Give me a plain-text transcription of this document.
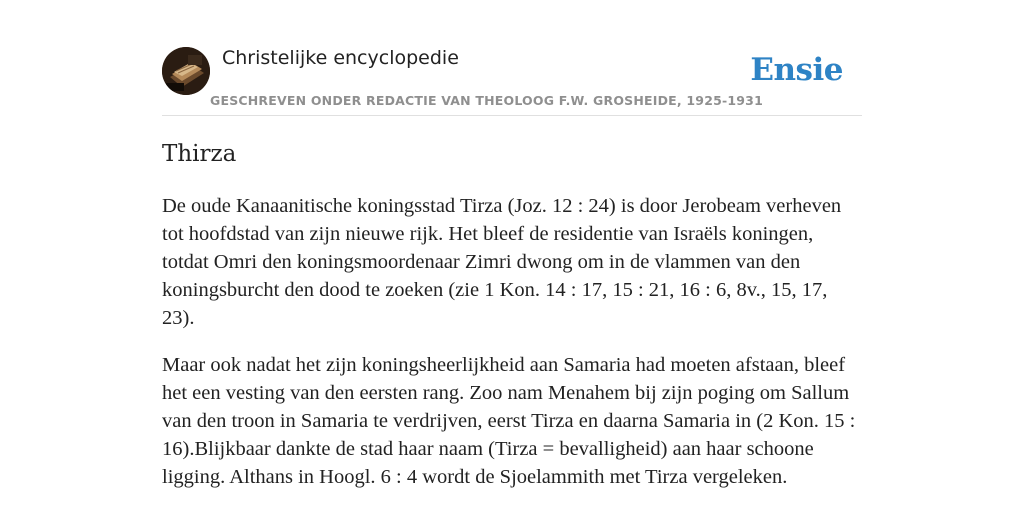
Christelijke encyclopedie
GESCHREVEN ONDER REDACTIE VAN THEOLOOG F.W. GROSHEIDE, 1925-1931
Ensie
Thirza

De oude Kanaanitische koningsstad Tirza (Joz. 12 : 24) is door Jerobeam verheven tot hoofdstad van zijn nieuwe rijk. Het bleef de residentie van Israëls koningen, totdat Omri den koningsmoordenaar Zimri dwong om in de vlammen van den koningsburcht den dood te zoeken (zie 1 Kon. 14 : 17, 15 : 21, 16 : 6, 8v., 15, 17, 23).

Maar ook nadat het zijn koningsheerlijkheid aan Samaria had moeten afstaan, bleef het een vesting van den eersten rang. Zoo nam Menahem bij zijn poging om Sallum van den troon in Samaria te verdrijven, eerst Tirza en daarna Samaria in (2 Kon. 15 : 16).Blijkbaar dankte de stad haar naam (Tirza = bevalligheid) aan haar schoone ligging. Althans in Hoogl. 6 : 4 wordt de Sjoelammith met Tirza vergeleken.
